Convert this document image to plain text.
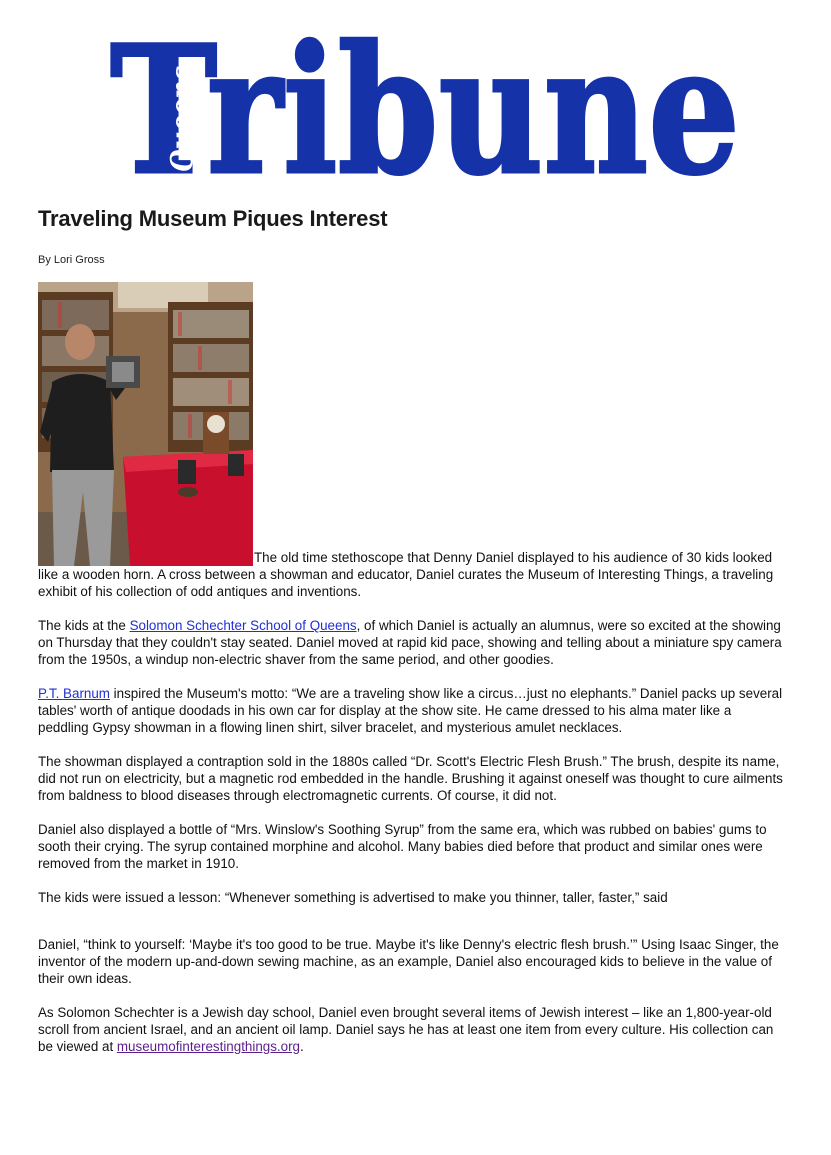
Tribune
Queens
Traveling Museum Piques Interest

By Lori Gross

The old time stethoscope that Denny Daniel displayed to his audience of 30 kids looked like a wooden horn. A cross between a showman and educator, Daniel curates the Museum of Interesting Things, a traveling exhibit of his collection of odd antiques and inventions.

The kids at the Solomon Schechter School of Queens, of which Daniel is actually an alumnus, were so excited at the showing on Thursday that they couldn't stay seated. Daniel moved at rapid kid pace, showing and telling about a miniature spy camera from the 1950s, a windup non-electric shaver from the same period, and other goodies.

P.T. Barnum inspired the Museum's motto: “We are a traveling show like a circus…just no elephants.” Daniel packs up several tables' worth of antique doodads in his own car for display at the show site. He came dressed to his alma mater like a peddling Gypsy showman in a flowing linen shirt, silver bracelet, and mysterious amulet necklaces.

The showman displayed a contraption sold in the 1880s called “Dr. Scott's Electric Flesh Brush.” The brush, despite its name, did not run on electricity, but a magnetic rod embedded in the handle. Brushing it against oneself was thought to cure ailments from baldness to blood diseases through electromagnetic currents. Of course, it did not.

Daniel also displayed a bottle of “Mrs. Winslow's Soothing Syrup” from the same era, which was rubbed on babies' gums to sooth their crying. The syrup contained morphine and alcohol. Many babies died before that product and similar ones were removed from the market in 1910.

The kids were issued a lesson: “Whenever something is advertised to make you thinner, taller, faster,” said

Daniel, “think to yourself: ‘Maybe it's too good to be true. Maybe it's like Denny's electric flesh brush.’” Using Isaac Singer, the inventor of the modern up-and-down sewing machine, as an example, Daniel also encouraged kids to believe in the value of their own ideas.

As Solomon Schechter is a Jewish day school, Daniel even brought several items of Jewish interest – like an 1,800-year-old scroll from ancient Israel, and an ancient oil lamp. Daniel says he has at least one item from every culture. His collection can be viewed at museumofinterestingthings.org.
